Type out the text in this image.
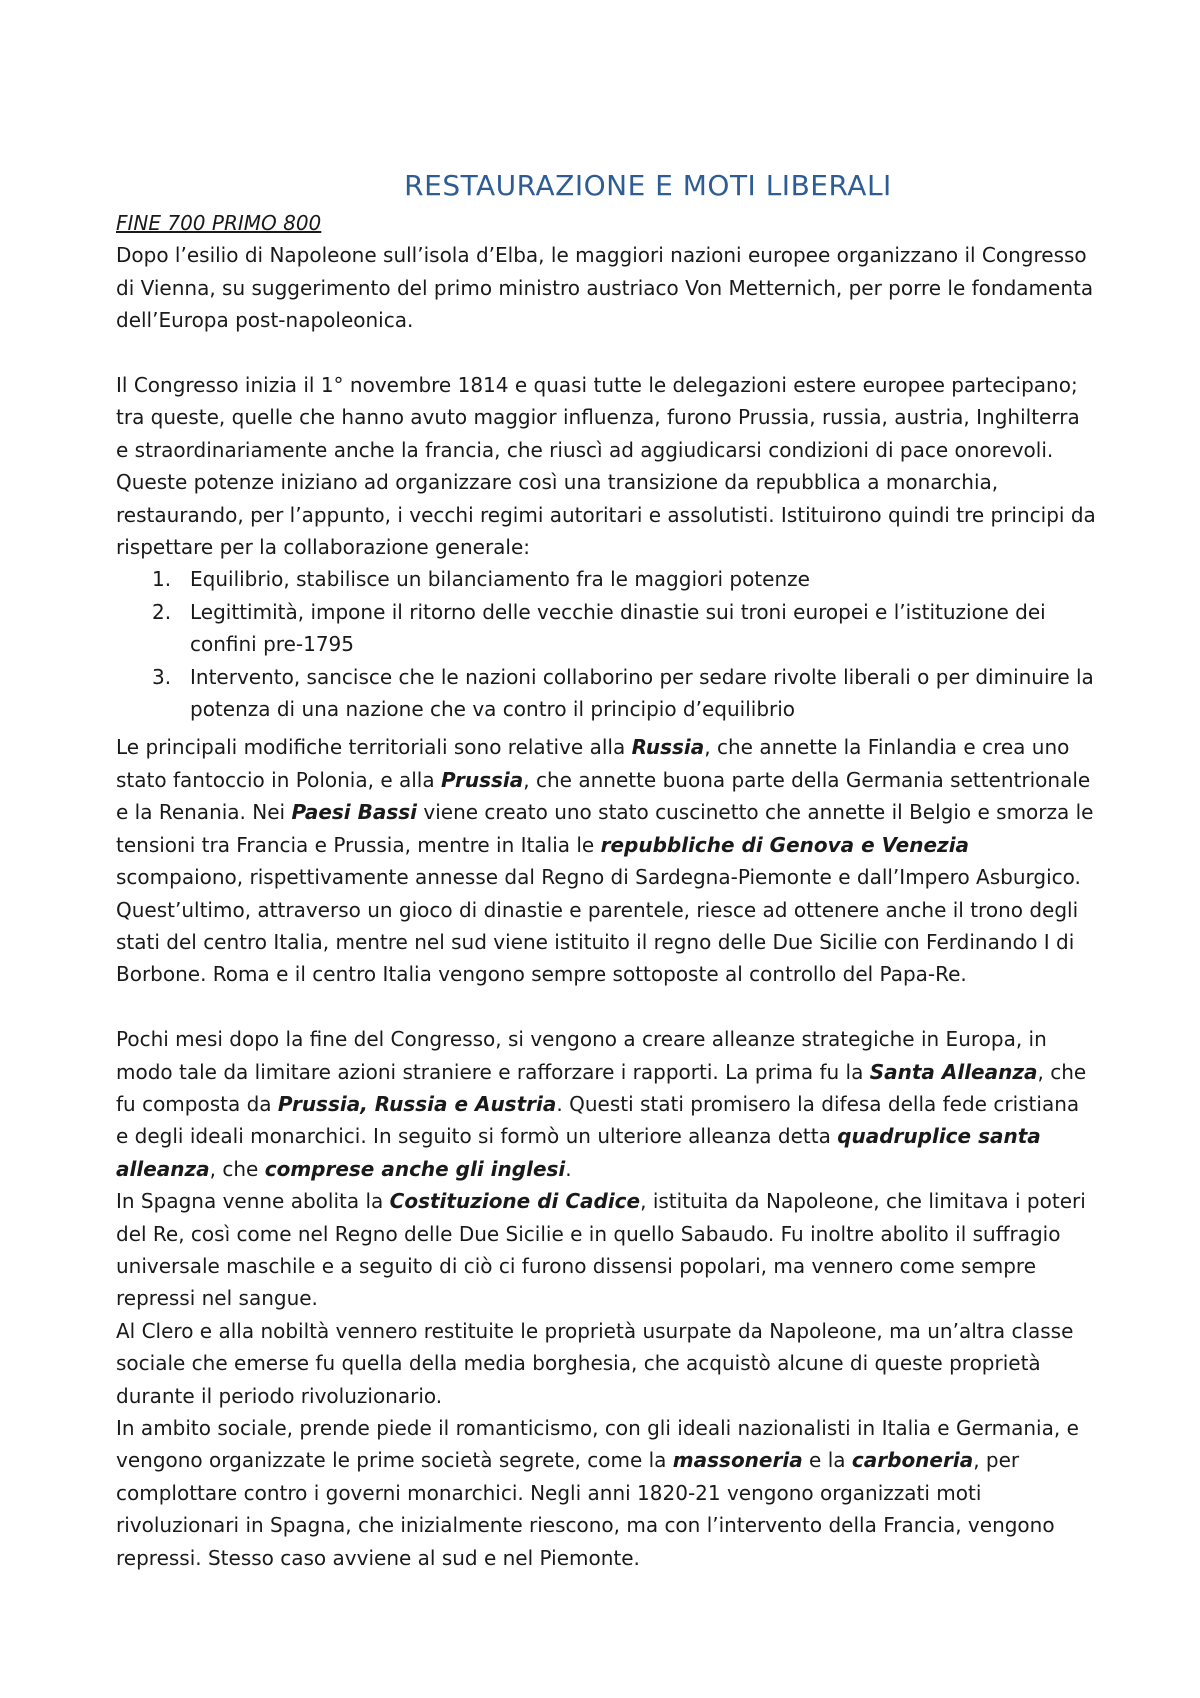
RESTAURAZIONE E MOTI LIBERALI

FINE 700 PRIMO 800

Dopo l’esilio di Napoleone sull’isola d’Elba, le maggiori nazioni europee organizzano il Congresso di Vienna, su suggerimento del primo ministro austriaco Von Metternich, per porre le fondamenta dell’Europa post-napoleonica.

Il Congresso inizia il 1° novembre 1814 e quasi tutte le delegazioni estere europee partecipano; tra queste, quelle che hanno avuto maggior influenza, furono Prussia, russia, austria, Inghilterra e straordinariamente anche la francia, che riuscì ad aggiudicarsi condizioni di pace onorevoli. Queste potenze iniziano ad organizzare così una transizione da repubblica a monarchia, restaurando, per l’appunto, i vecchi regimi autoritari e assolutisti. Istituirono quindi tre principi da rispettare per la collaborazione generale:

1. Equilibrio, stabilisce un bilanciamento fra le maggiori potenze
2. Legittimità, impone il ritorno delle vecchie dinastie sui troni europei e l’istituzione dei confini pre-1795
3. Intervento, sancisce che le nazioni collaborino per sedare rivolte liberali o per diminuire la potenza di una nazione che va contro il principio d’equilibrio

Le principali modifiche territoriali sono relative alla Russia, che annette la Finlandia e crea uno stato fantoccio in Polonia, e alla Prussia, che annette buona parte della Germania settentrionale e la Renania. Nei Paesi Bassi viene creato uno stato cuscinetto che annette il Belgio e smorza le tensioni tra Francia e Prussia, mentre in Italia le repubbliche di Genova e Venezia scompaiono, rispettivamente annesse dal Regno di Sardegna-Piemonte e dall’Impero Asburgico. Quest’ultimo, attraverso un gioco di dinastie e parentele, riesce ad ottenere anche il trono degli stati del centro Italia, mentre nel sud viene istituito il regno delle Due Sicilie con Ferdinando I di Borbone. Roma e il centro Italia vengono sempre sottoposte al controllo del Papa-Re.

Pochi mesi dopo la fine del Congresso, si vengono a creare alleanze strategiche in Europa, in modo tale da limitare azioni straniere e rafforzare i rapporti. La prima fu la Santa Alleanza, che fu composta da Prussia, Russia e Austria. Questi stati promisero la difesa della fede cristiana e degli ideali monarchici. In seguito si formò un ulteriore alleanza detta quadruplice santa alleanza, che comprese anche gli inglesi.

In Spagna venne abolita la Costituzione di Cadice, istituita da Napoleone, che limitava i poteri del Re, così come nel Regno delle Due Sicilie e in quello Sabaudo. Fu inoltre abolito il suffragio universale maschile e a seguito di ciò ci furono dissensi popolari, ma vennero come sempre repressi nel sangue.

Al Clero e alla nobiltà vennero restituite le proprietà usurpate da Napoleone, ma un’altra classe sociale che emerse fu quella della media borghesia, che acquistò alcune di queste proprietà durante il periodo rivoluzionario.

In ambito sociale, prende piede il romanticismo, con gli ideali nazionalisti in Italia e Germania, e vengono organizzate le prime società segrete, come la massoneria e la carboneria, per complottare contro i governi monarchici. Negli anni 1820-21 vengono organizzati moti rivoluzionari in Spagna, che inizialmente riescono, ma con l’intervento della Francia, vengono repressi. Stesso caso avviene al sud e nel Piemonte.
